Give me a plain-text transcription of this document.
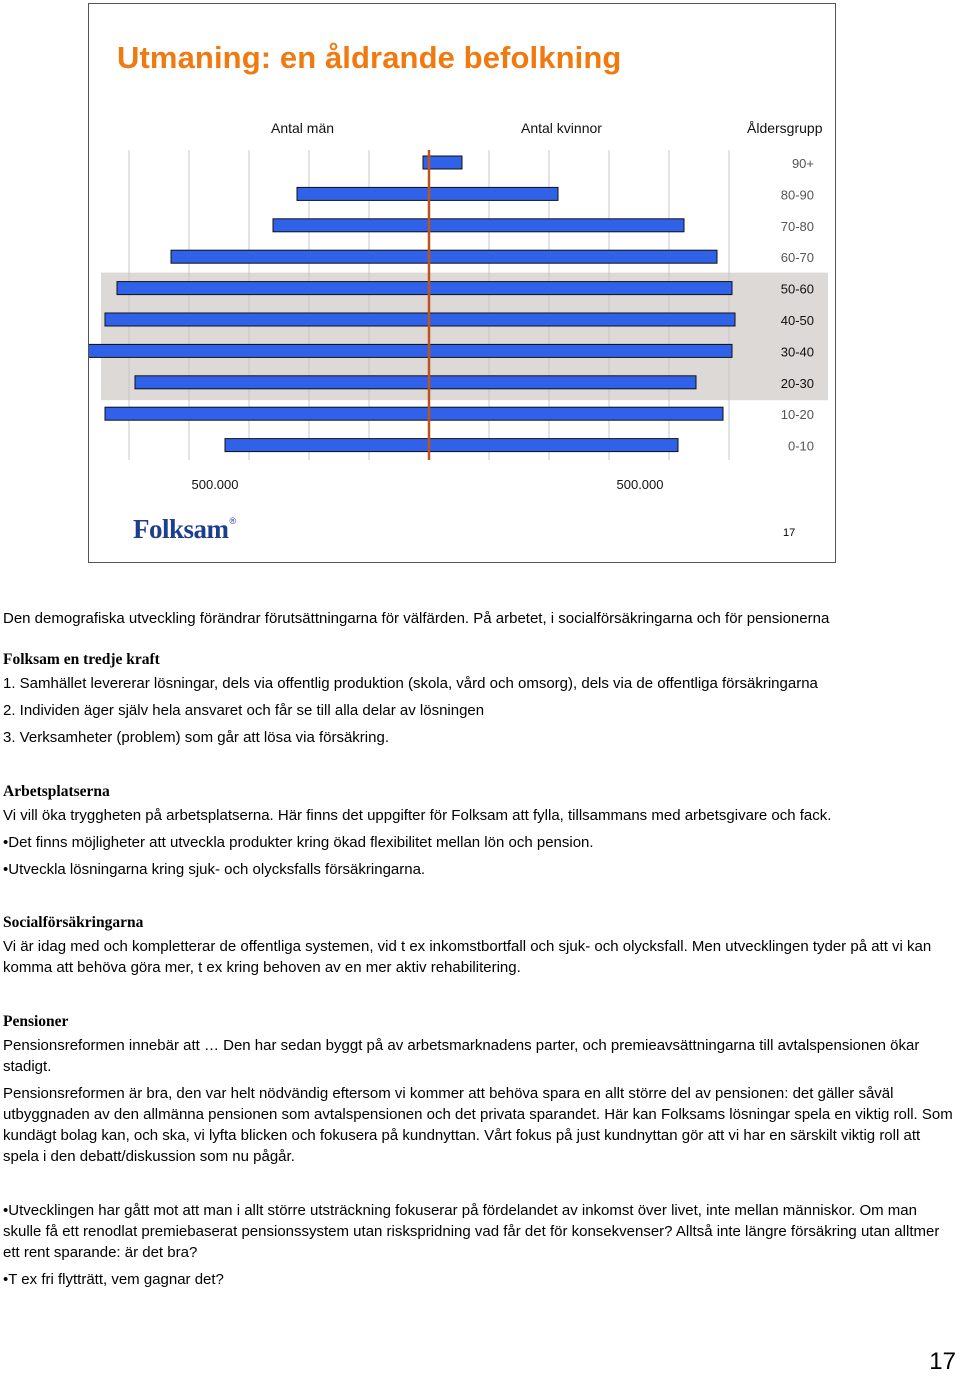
Utmaning: en åldrande befolkning
Antal män	Antal kvinnor	Åldersgrupp
90+
80-90
70-80
60-70
50-60
40-50
30-40
20-30
10-20
0-10
500.000	500.000
Folksam®
17

Den demografiska utveckling förändrar förutsättningarna för välfärden. På arbetet, i socialförsäkringarna och för pensionerna

Folksam en tredje kraft

1. Samhället levererar lösningar, dels via offentlig produktion (skola, vård och omsorg), dels via de offentliga försäkringarna

2. Individen äger själv hela ansvaret och får se till alla delar av lösningen

3. Verksamheter (problem) som går att lösa via försäkring.

Arbetsplatserna

Vi vill öka tryggheten på arbetsplatserna. Här finns det uppgifter för Folksam att fylla, tillsammans med arbetsgivare och fack.

•Det finns möjligheter att utveckla produkter kring ökad flexibilitet mellan lön och pension.

•Utveckla lösningarna kring sjuk- och olycksfalls försäkringarna.

Socialförsäkringarna

Vi är idag med och kompletterar de offentliga systemen, vid t ex inkomstbortfall och sjuk- och olycksfall. Men utvecklingen tyder på att vi kan komma att behöva göra mer, t ex kring behoven av en mer aktiv rehabilitering.

Pensioner

Pensionsreformen innebär att … Den har sedan byggt på av arbetsmarknadens parter, och premieavsättningarna till avtalspensionen ökar stadigt.

Pensionsreformen är bra, den var helt nödvändig eftersom vi kommer att behöva spara en allt större del av pensionen: det gäller såväl utbyggnaden av den allmänna pensionen som avtalspensionen och det privata sparandet. Här kan Folksams lösningar spela en viktig roll. Som kundägt bolag kan, och ska, vi lyfta blicken och fokusera på kundnyttan. Vårt fokus på just kundnyttan gör att vi har en särskilt viktig roll att spela i den debatt/diskussion som nu pågår.

•Utvecklingen har gått mot att man i allt större utsträckning fokuserar på fördelandet av inkomst över livet, inte mellan människor. Om man skulle få ett renodlat premiebaserat pensionssystem utan riskspridning vad får det för konsekvenser? Alltså inte längre försäkring utan alltmer ett rent sparande: är det bra?

•T ex fri flytträtt, vem gagnar det?

17
